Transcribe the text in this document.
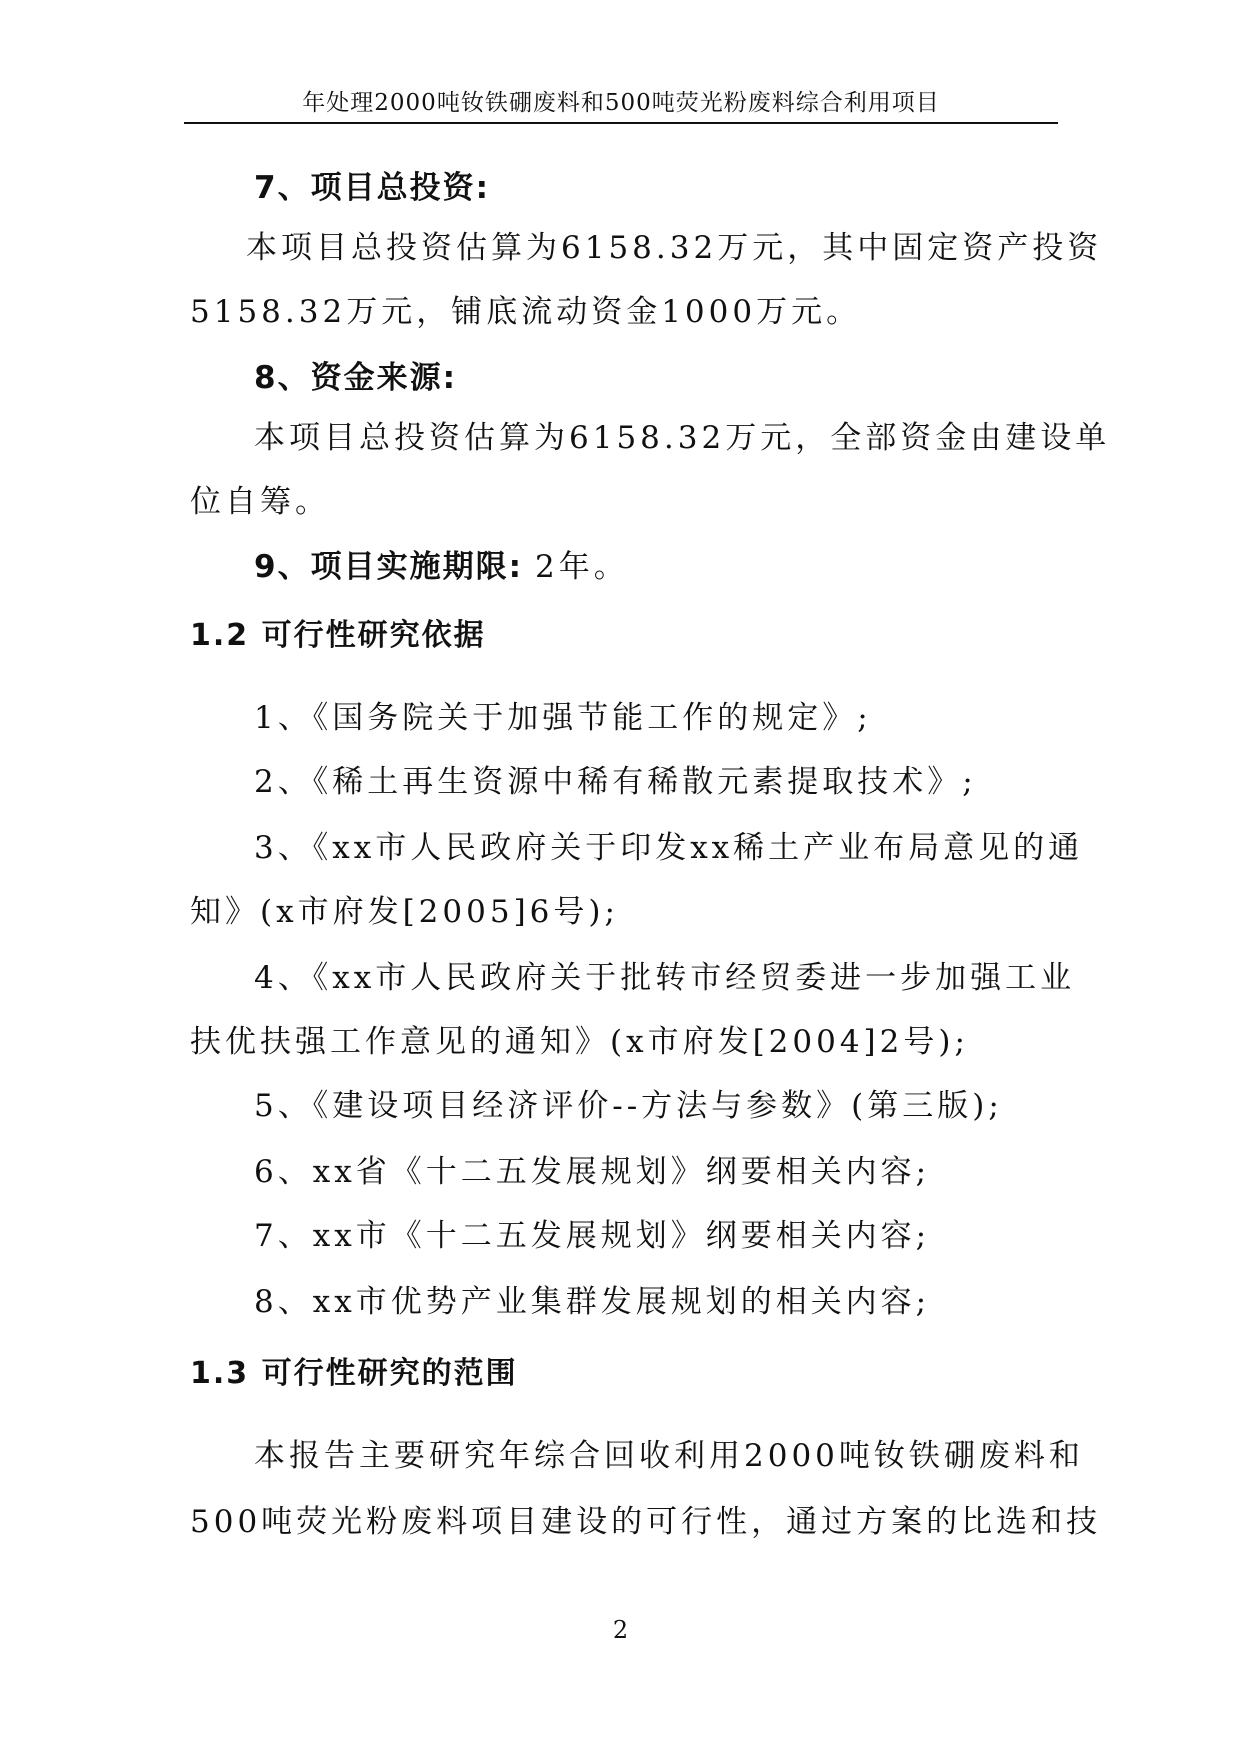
年处理2000吨钕铁硼废料和500吨荧光粉废料综合利用项目
7、项目总投资:
本项目总投资估算为6158.32万元，其中固定资产投资
5158.32万元，铺底流动资金1000万元。
8、资金来源:
本项目总投资估算为6158.32万元，全部资金由建设单
位自筹。
9、项目实施期限: 2年。
1.2 可行性研究依据
1、《国务院关于加强节能工作的规定》;
2、《稀土再生资源中稀有稀散元素提取技术》;
3、《xx市人民政府关于印发xx稀土产业布局意见的通
知》(x市府发[2005]6号);
4、《xx市人民政府关于批转市经贸委进一步加强工业
扶优扶强工作意见的通知》(x市府发[2004]2号);
5、《建设项目经济评价--方法与参数》(第三版);
6、xx省《十二五发展规划》纲要相关内容;
7、xx市《十二五发展规划》纲要相关内容;
8、xx市优势产业集群发展规划的相关内容;
1.3 可行性研究的范围
本报告主要研究年综合回收利用2000吨钕铁硼废料和
500吨荧光粉废料项目建设的可行性，通过方案的比选和技
2
